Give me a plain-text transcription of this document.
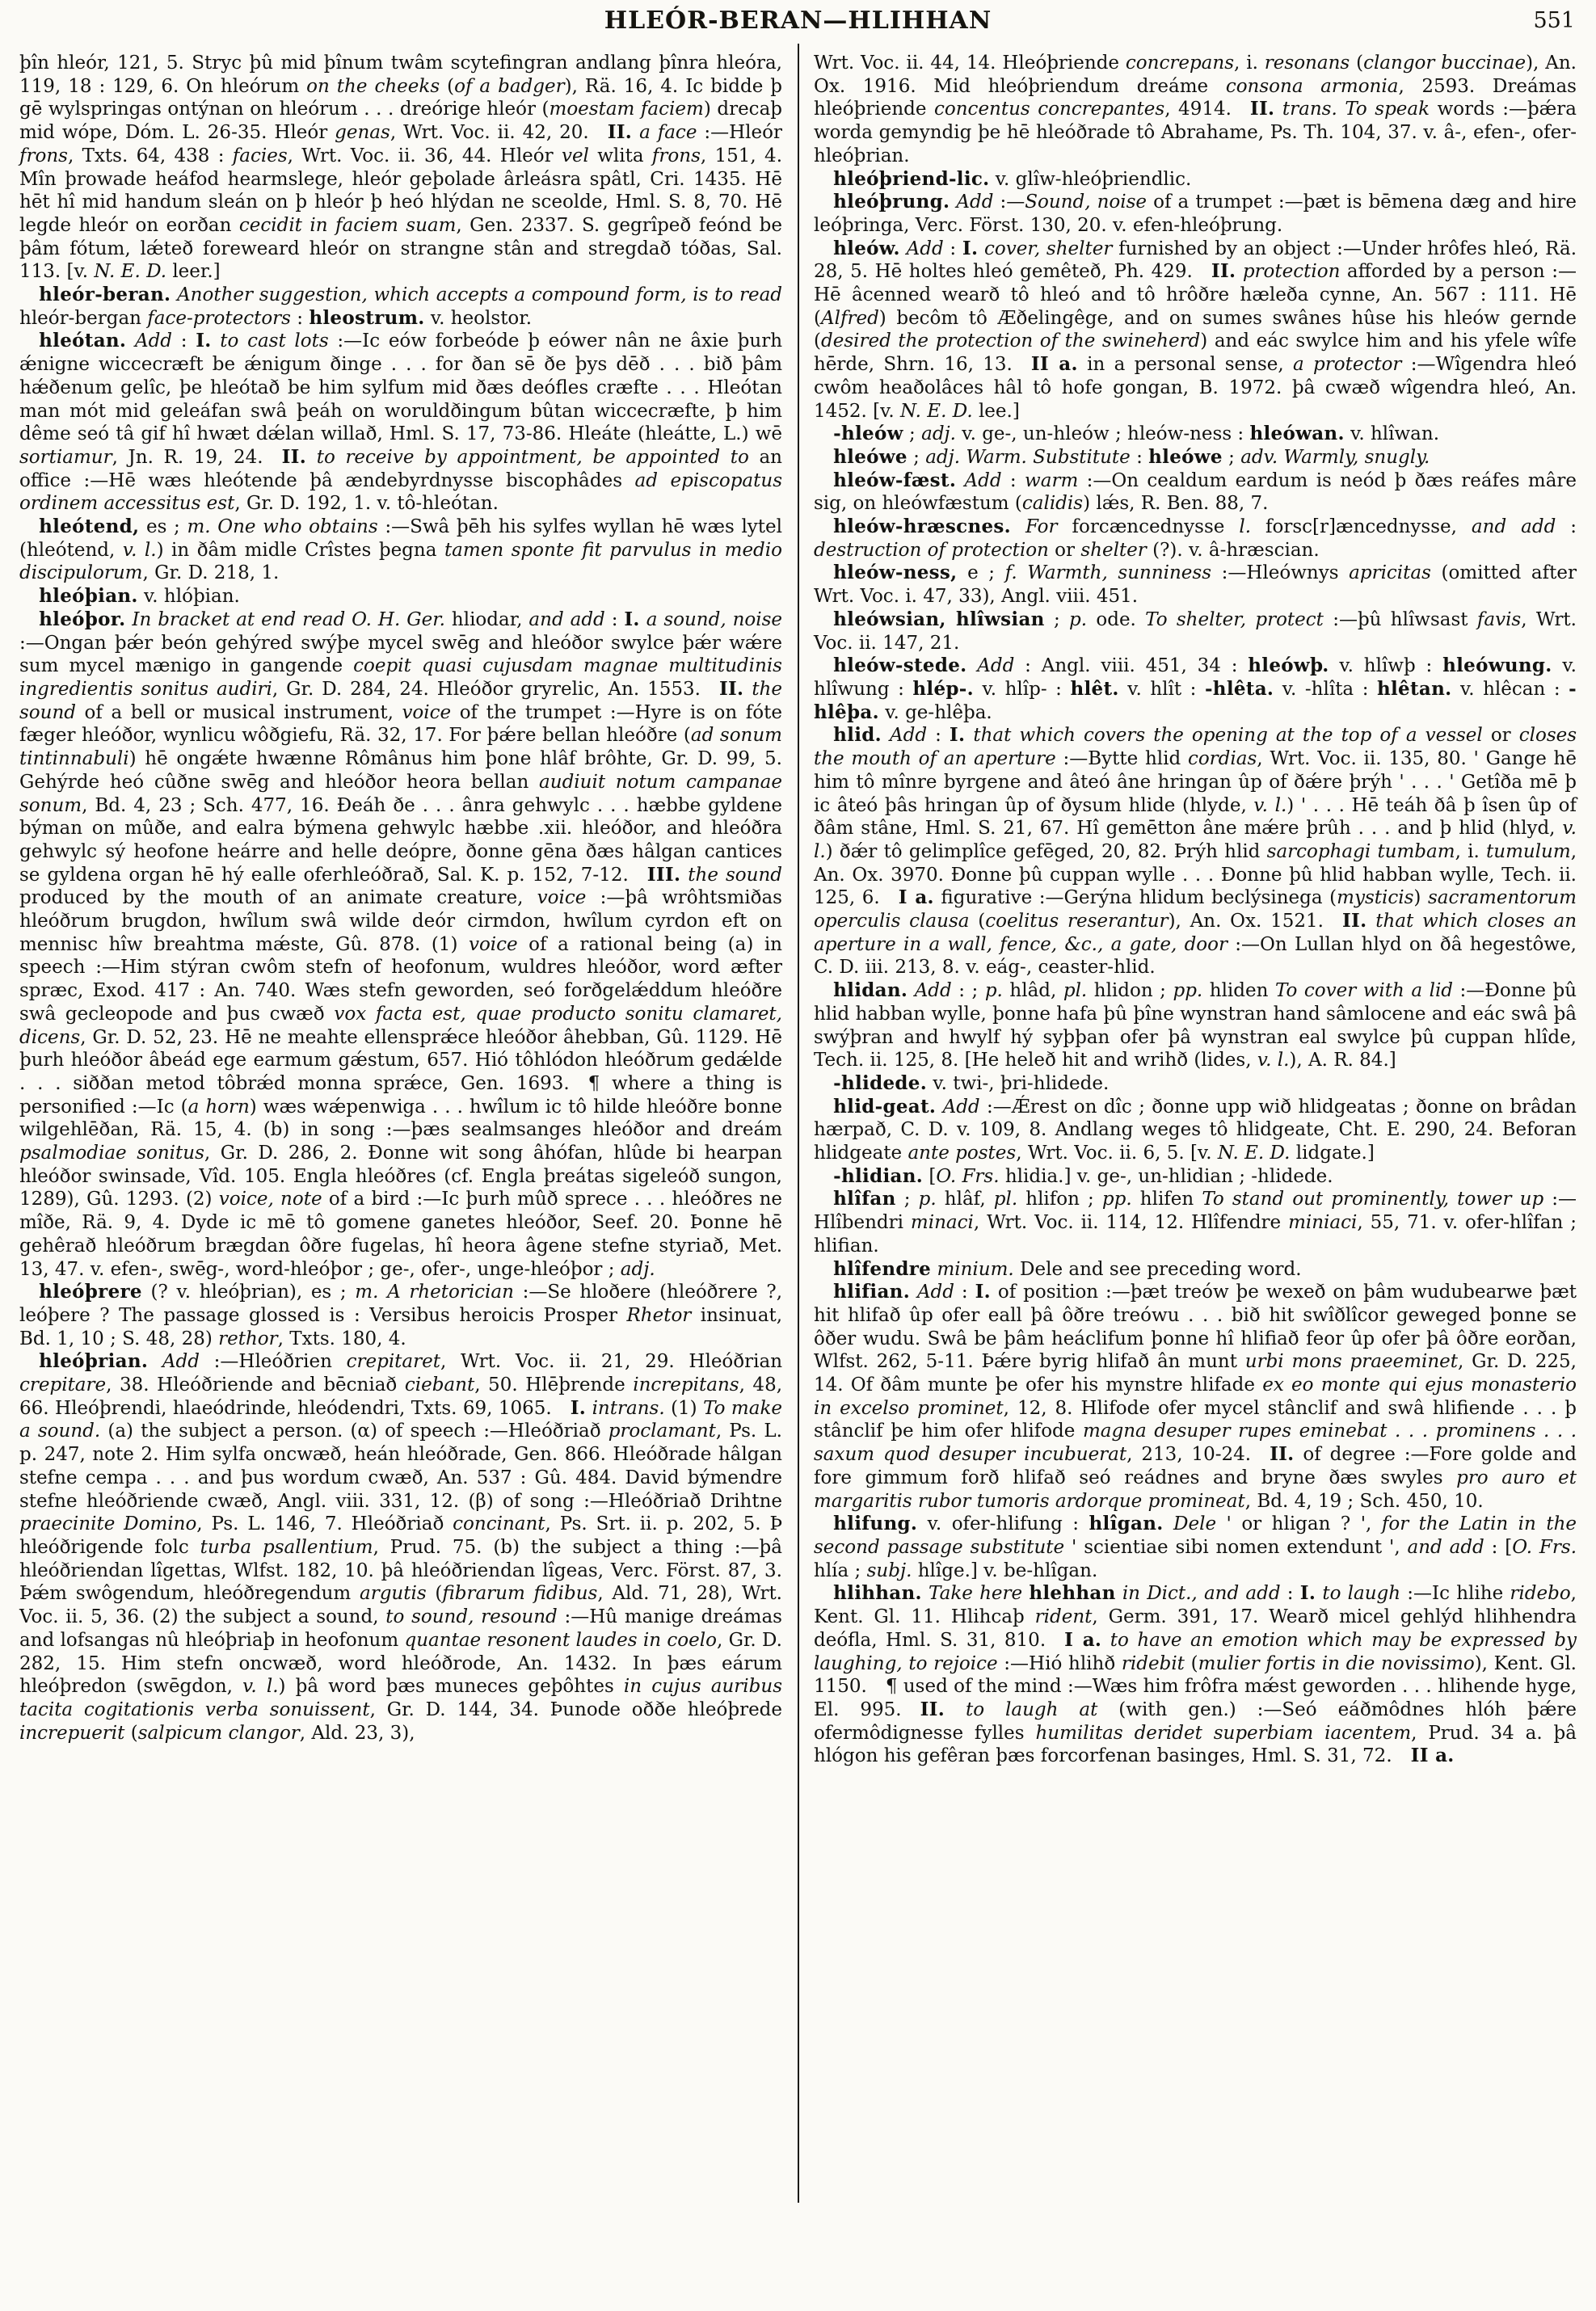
HLEÓR-BERAN—HLIHHAN	551

þîn hleór, 121, 5. Stryc þû mid þînum twâm scytefingran andlang þînra hleóra, 119, 18 : 129, 6. On hleórum on the cheeks (of a badger), Rä. 16, 4. Ic bidde þ gē wylspringas ontýnan on hleórum . . . dreórige hleór (moestam faciem) drecaþ mid wópe, Dóm. L. 26-35. Hleór genas, Wrt. Voc. ii. 42, 20. II. a face :—Hleór frons, Txts. 64, 438 : facies, Wrt. Voc. ii. 36, 44. Hleór vel wlita frons, 151, 4. Mîn þrowade heáfod hearmslege, hleór geþolade ârleásra spâtl, Cri. 1435. Hē hēt hî mid handum sleán on þ hleór þ heó hlýdan ne sceolde, Hml. S. 8, 70. Hē legde hleór on eorðan cecidit in faciem suam, Gen. 2337. S. gegrîpeð feónd be þâm fótum, lǽteð foreweard hleór on strangne stân and stregdað tóðas, Sal. 113. [v. N. E. D. leer.]

hleór-beran. Another suggestion, which accepts a compound form, is to read hleór-bergan face-protectors : hleostrum. v. heolstor.

hleótan. Add : I. to cast lots :—Ic eów forbeóde þ eówer nân ne âxie þurh ǽnigne wiccecræft be ǽnigum ðinge . . . for ðan sē ðe þys dēð . . . bið þâm hǽðenum gelîc, þe hleótað be him sylfum mid ðæs deófles cræfte . . . Hleótan man mót mid geleáfan swâ þeáh on woruldðingum bûtan wiccecræfte, þ him dême seó tâ gif hî hwæt dǽlan willað, Hml. S. 17, 73-86. Hleáte (hleátte, L.) wē sortiamur, Jn. R. 19, 24. II. to receive by appointment, be appointed to an office :—Hē wæs hleótende þâ ændebyrdnysse biscophâdes ad episcopatus ordinem accessitus est, Gr. D. 192, 1. v. tô-hleótan.

hleótend, es ; m. One who obtains :—Swâ þēh his sylfes wyllan hē wæs lytel (hleótend, v. l.) in ðâm midle Crîstes þegna tamen sponte fit parvulus in medio discipulorum, Gr. D. 218, 1.

hleóþian. v. hlóþian.

hleóþor. In bracket at end read O. H. Ger. hliodar, and add : I. a sound, noise :—Ongan þǽr beón gehýred swýþe mycel swēg and hleóðor swylce þǽr wǽre sum mycel mænigo in gangende coepit quasi cujusdam magnae multitudinis ingredientis sonitus audiri, Gr. D. 284, 24. Hleóðor gryrelic, An. 1553. II. the sound of a bell or musical instrument, voice of the trumpet :—Hyre is on fóte fæger hleóðor, wynlicu wôðgiefu, Rä. 32, 17. For þǽre bellan hleóðre (ad sonum tintinnabuli) hē ongǽte hwænne Rômânus him þone hlâf brôhte, Gr. D. 99, 5. Gehýrde heó cûðne swēg and hleóðor heora bellan audiuit notum campanae sonum, Bd. 4, 23 ; Sch. 477, 16. Ðeáh ðe . . . ânra gehwylc . . . hæbbe gyldene býman on mûðe, and ealra býmena gehwylc hæbbe .xii. hleóðor, and hleóðra gehwylc sý heofone heárre and helle deópre, ðonne gēna ðæs hâlgan cantices se gyldena organ hē hý ealle oferhleóðrað, Sal. K. p. 152, 7-12. III. the sound produced by the mouth of an animate creature, voice :—þâ wrôhtsmiðas hleóðrum brugdon, hwîlum swâ wilde deór cirmdon, hwîlum cyrdon eft on mennisc hîw breahtma mǽste, Gû. 878. (1) voice of a rational being (a) in speech :—Him stýran cwôm stefn of heofonum, wuldres hleóðor, word æfter spræc, Exod. 417 : An. 740. Wæs stefn geworden, seó forðgelǽddum hleóðre swâ gecleopode and þus cwæð vox facta est, quae producto sonitu clamaret, dicens, Gr. D. 52, 23. Hē ne meahte ellensprǽce hleóðor âhebban, Gû. 1129. Hē þurh hleóðor âbeád ege earmum gǽstum, 657. Hió tôhlódon hleóðrum gedǽlde . . . siððan metod tôbrǽd monna sprǽce, Gen. 1693. ¶ where a thing is personified :—Ic (a horn) wæs wǽpenwiga . . . hwîlum ic tô hilde hleóðre bonne wilgehlēðan, Rä. 15, 4. (b) in song :—þæs sealmsanges hleóðor and dreám psalmodiae sonitus, Gr. D. 286, 2. Ðonne wit song âhófan, hlûde bi hearpan hleóðor swinsade, Vîd. 105. Engla hleóðres (cf. Engla þreátas sigeleóð sungon, 1289), Gû. 1293. (2) voice, note of a bird :—Ic þurh mûð sprece . . . hleóðres ne mîðe, Rä. 9, 4. Dyde ic mē tô gomene ganetes hleóðor, Seef. 20. Þonne hē gehêrað hleóðrum brægdan ôðre fugelas, hî heora âgene stefne styriað, Met. 13, 47. v. efen-, swēg-, word-hleóþor ; ge-, ofer-, unge-hleóþor ; adj.

hleóþrere (? v. hleóþrian), es ; m. A rhetorician :—Se hloðere (hleóðrere ?, leóþere ? The passage glossed is : Versibus heroicis Prosper Rhetor insinuat, Bd. 1, 10 ; S. 48, 28) rethor, Txts. 180, 4.

hleóþrian. Add :—Hleóðrien crepitaret, Wrt. Voc. ii. 21, 29. Hleóðrian crepitare, 38. Hleóðriende and bēcniað ciebant, 50. Hlēþrende increpitans, 48, 66. Hleóþrendi, hlaeódrinde, hleódendri, Txts. 69, 1065. I. intrans. (1) To make a sound. (a) the subject a person. (α) of speech :—Hleóðriað proclamant, Ps. L. p. 247, note 2. Him sylfa oncwæð, heán hleóðrade, Gen. 866. Hleóðrade hâlgan stefne cempa . . . and þus wordum cwæð, An. 537 : Gû. 484. David býmendre stefne hleóðriende cwæð, Angl. viii. 331, 12. (β) of song :—Hleóðriað Drihtne praecinite Domino, Ps. L. 146, 7. Hleóðriað concinant, Ps. Srt. ii. p. 202, 5. Þ hleóðrigende folc turba psallentium, Prud. 75. (b) the subject a thing :—þâ hleóðriendan lîgettas, Wlfst. 182, 10. þâ hleóðriendan lîgeas, Verc. Först. 87, 3. Þǽm swôgendum, hleóðregendum argutis (fibrarum fidibus, Ald. 71, 28), Wrt. Voc. ii. 5, 36. (2) the subject a sound, to sound, resound :—Hû manige dreámas and lofsangas nû hleóþriaþ in heofonum quantae resonent laudes in coelo, Gr. D. 282, 15. Him stefn oncwæð, word hleóðrode, An. 1432. In þæs eárum hleóþredon (swēgdon, v. l.) þâ word þæs muneces geþôhtes in cujus auribus tacita cogitationis verba sonuissent, Gr. D. 144, 34. Þunode oððe hleóþrede increpuerit (salpicum clangor, Ald. 23, 3),

Wrt. Voc. ii. 44, 14. Hleóþriende concrepans, i. resonans (clangor buccinae), An. Ox. 1916. Mid hleóþriendum dreáme consona armonia, 2593. Dreámas hleóþriende concentus concrepantes, 4914. II. trans. To speak words :—þǽra worda gemyndig þe hē hleóðrade tô Abrahame, Ps. Th. 104, 37. v. â-, efen-, ofer-hleóþrian.

hleóþriend-lic. v. glîw-hleóþriendlic.

hleóþrung. Add :—Sound, noise of a trumpet :—þæt is bēmena dæg and hire leóþringa, Verc. Först. 130, 20. v. efen-hleóþrung.

hleów. Add : I. cover, shelter furnished by an object :—Under hrôfes hleó, Rä. 28, 5. Hē holtes hleó gemêteð, Ph. 429. II. protection afforded by a person :—Hē âcenned wearð tô hleó and tô hrôðre hæleða cynne, An. 567 : 111. Hē (Alfred) becôm tô Æðelingêge, and on sumes swânes hûse his hleów gernde (desired the protection of the swineherd) and eác swylce him and his yfele wîfe hērde, Shrn. 16, 13. II a. in a personal sense, a protector :—Wîgendra hleó cwôm heaðolâces hâl tô hofe gongan, B. 1972. þâ cwæð wîgendra hleó, An. 1452. [v. N. E. D. lee.]

-hleów ; adj. v. ge-, un-hleów ; hleów-ness : hleówan. v. hlîwan.

hleówe ; adj. Warm. Substitute : hleówe ; adv. Warmly, snugly.

hleów-fæst. Add : warm :—On cealdum eardum is neód þ ðæs reáfes mâre sig, on hleówfæstum (calidis) lǽs, R. Ben. 88, 7.

hleów-hræscnes. For forcæncednysse l. forsc[r]æncednysse, and add : destruction of protection or shelter (?). v. â-hræscian.

hleów-ness, e ; f. Warmth, sunniness :—Hleównys apricitas (omitted after Wrt. Voc. i. 47, 33), Angl. viii. 451.

hleówsian, hlîwsian ; p. ode. To shelter, protect :—þû hlîwsast favis, Wrt. Voc. ii. 147, 21.

hleów-stede. Add : Angl. viii. 451, 34 : hleówþ. v. hlîwþ : hleówung. v. hlîwung : hlép-. v. hlîp- : hlêt. v. hlît : -hlêta. v. -hlîta : hlêtan. v. hlêcan : -hlêþa. v. ge-hlêþa.

hlid. Add : I. that which covers the opening at the top of a vessel or closes the mouth of an aperture :—Bytte hlid cordias, Wrt. Voc. ii. 135, 80. ' Gange hē him tô mînre byrgene and âteó âne hringan ûp of ðǽre þrýh ' . . . ' Getîða mē þ ic âteó þâs hringan ûp of ðysum hlide (hlyde, v. l.) ' . . . Hē teáh ðâ þ îsen ûp of ðâm stâne, Hml. S. 21, 67. Hî gemētton âne mǽre þrûh . . . and þ hlid (hlyd, v. l.) ðǽr tô gelimplîce gefēged, 20, 82. Þrýh hlid sarcophagi tumbam, i. tumulum, An. Ox. 3970. Ðonne þû cuppan wylle . . . Ðonne þû hlid habban wylle, Tech. ii. 125, 6. I a. figurative :—Gerýna hlidum beclýsinega (mysticis) sacramentorum operculis clausa (coelitus reserantur), An. Ox. 1521. II. that which closes an aperture in a wall, fence, &c., a gate, door :—On Lullan hlyd on ðâ hegestôwe, C. D. iii. 213, 8. v. eág-, ceaster-hlid.

hlidan. Add : ; p. hlâd, pl. hlidon ; pp. hliden To cover with a lid :—Ðonne þû hlid habban wylle, þonne hafa þû þîne wynstran hand sâmlocene and eác swâ þâ swýþran and hwylf hý syþþan ofer þâ wynstran eal swylce þû cuppan hlîde, Tech. ii. 125, 8. [He heleð hit and wrihð (lides, v. l.), A. R. 84.]

-hlidede. v. twi-, þri-hlidede.

hlid-geat. Add :—Ǽrest on dîc ; ðonne upp wið hlidgeatas ; ðonne on brâdan hærpað, C. D. v. 109, 8. Andlang weges tô hlidgeate, Cht. E. 290, 24. Beforan hlidgeate ante postes, Wrt. Voc. ii. 6, 5. [v. N. E. D. lidgate.]

-hlidian. [O. Frs. hlidia.] v. ge-, un-hlidian ; -hlidede.

hlîfan ; p. hlâf, pl. hlifon ; pp. hlifen To stand out prominently, tower up :—Hlîbendri minaci, Wrt. Voc. ii. 114, 12. Hlîfendre miniaci, 55, 71. v. ofer-hlîfan ; hlifian.

hlîfendre minium. Dele and see preceding word.

hlifian. Add : I. of position :—þæt treów þe wexeð on þâm wudubearwe þæt hit hlifað ûp ofer eall þâ ôðre treówu . . . bið hit swîðlîcor geweged þonne se ôðer wudu. Swâ be þâm heáclifum þonne hî hlifiað feor ûp ofer þâ ôðre eorðan, Wlfst. 262, 5-11. Þǽre byrig hlifað ân munt urbi mons praeeminet, Gr. D. 225, 14. Of ðâm munte þe ofer his mynstre hlifade ex eo monte qui ejus monasterio in excelso prominet, 12, 8. Hlifode ofer mycel stânclif and swâ hlifiende . . . þ stânclif þe him ofer hlifode magna desuper rupes eminebat . . . prominens . . . saxum quod desuper incubuerat, 213, 10-24. II. of degree :—Fore golde and fore gimmum forð hlifað seó reádnes and bryne ðæs swyles pro auro et margaritis rubor tumoris ardorque promineat, Bd. 4, 19 ; Sch. 450, 10.

hlifung. v. ofer-hlifung : hlîgan. Dele ' or hligan ? ', for the Latin in the second passage substitute ' scientiae sibi nomen extendunt ', and add : [O. Frs. hlía ; subj. hlîge.] v. be-hlîgan.

hlihhan. Take here hlehhan in Dict., and add : I. to laugh :—Ic hlihe ridebo, Kent. Gl. 11. Hlihcaþ rident, Germ. 391, 17. Wearð micel gehlýd hlihhendra deófla, Hml. S. 31, 810. I a. to have an emotion which may be expressed by laughing, to rejoice :—Hió hlihð ridebit (mulier fortis in die novissimo), Kent. Gl. 1150. ¶ used of the mind :—Wæs him frôfra mǽst geworden . . . hlihende hyge, El. 995. II. to laugh at (with gen.) :—Seó eáðmôdnes hlóh þǽre ofermôdignesse fylles humilitas deridet superbiam iacentem, Prud. 34 a. þâ hlógon his gefêran þæs forcorfenan basinges, Hml. S. 31, 72. II a.
